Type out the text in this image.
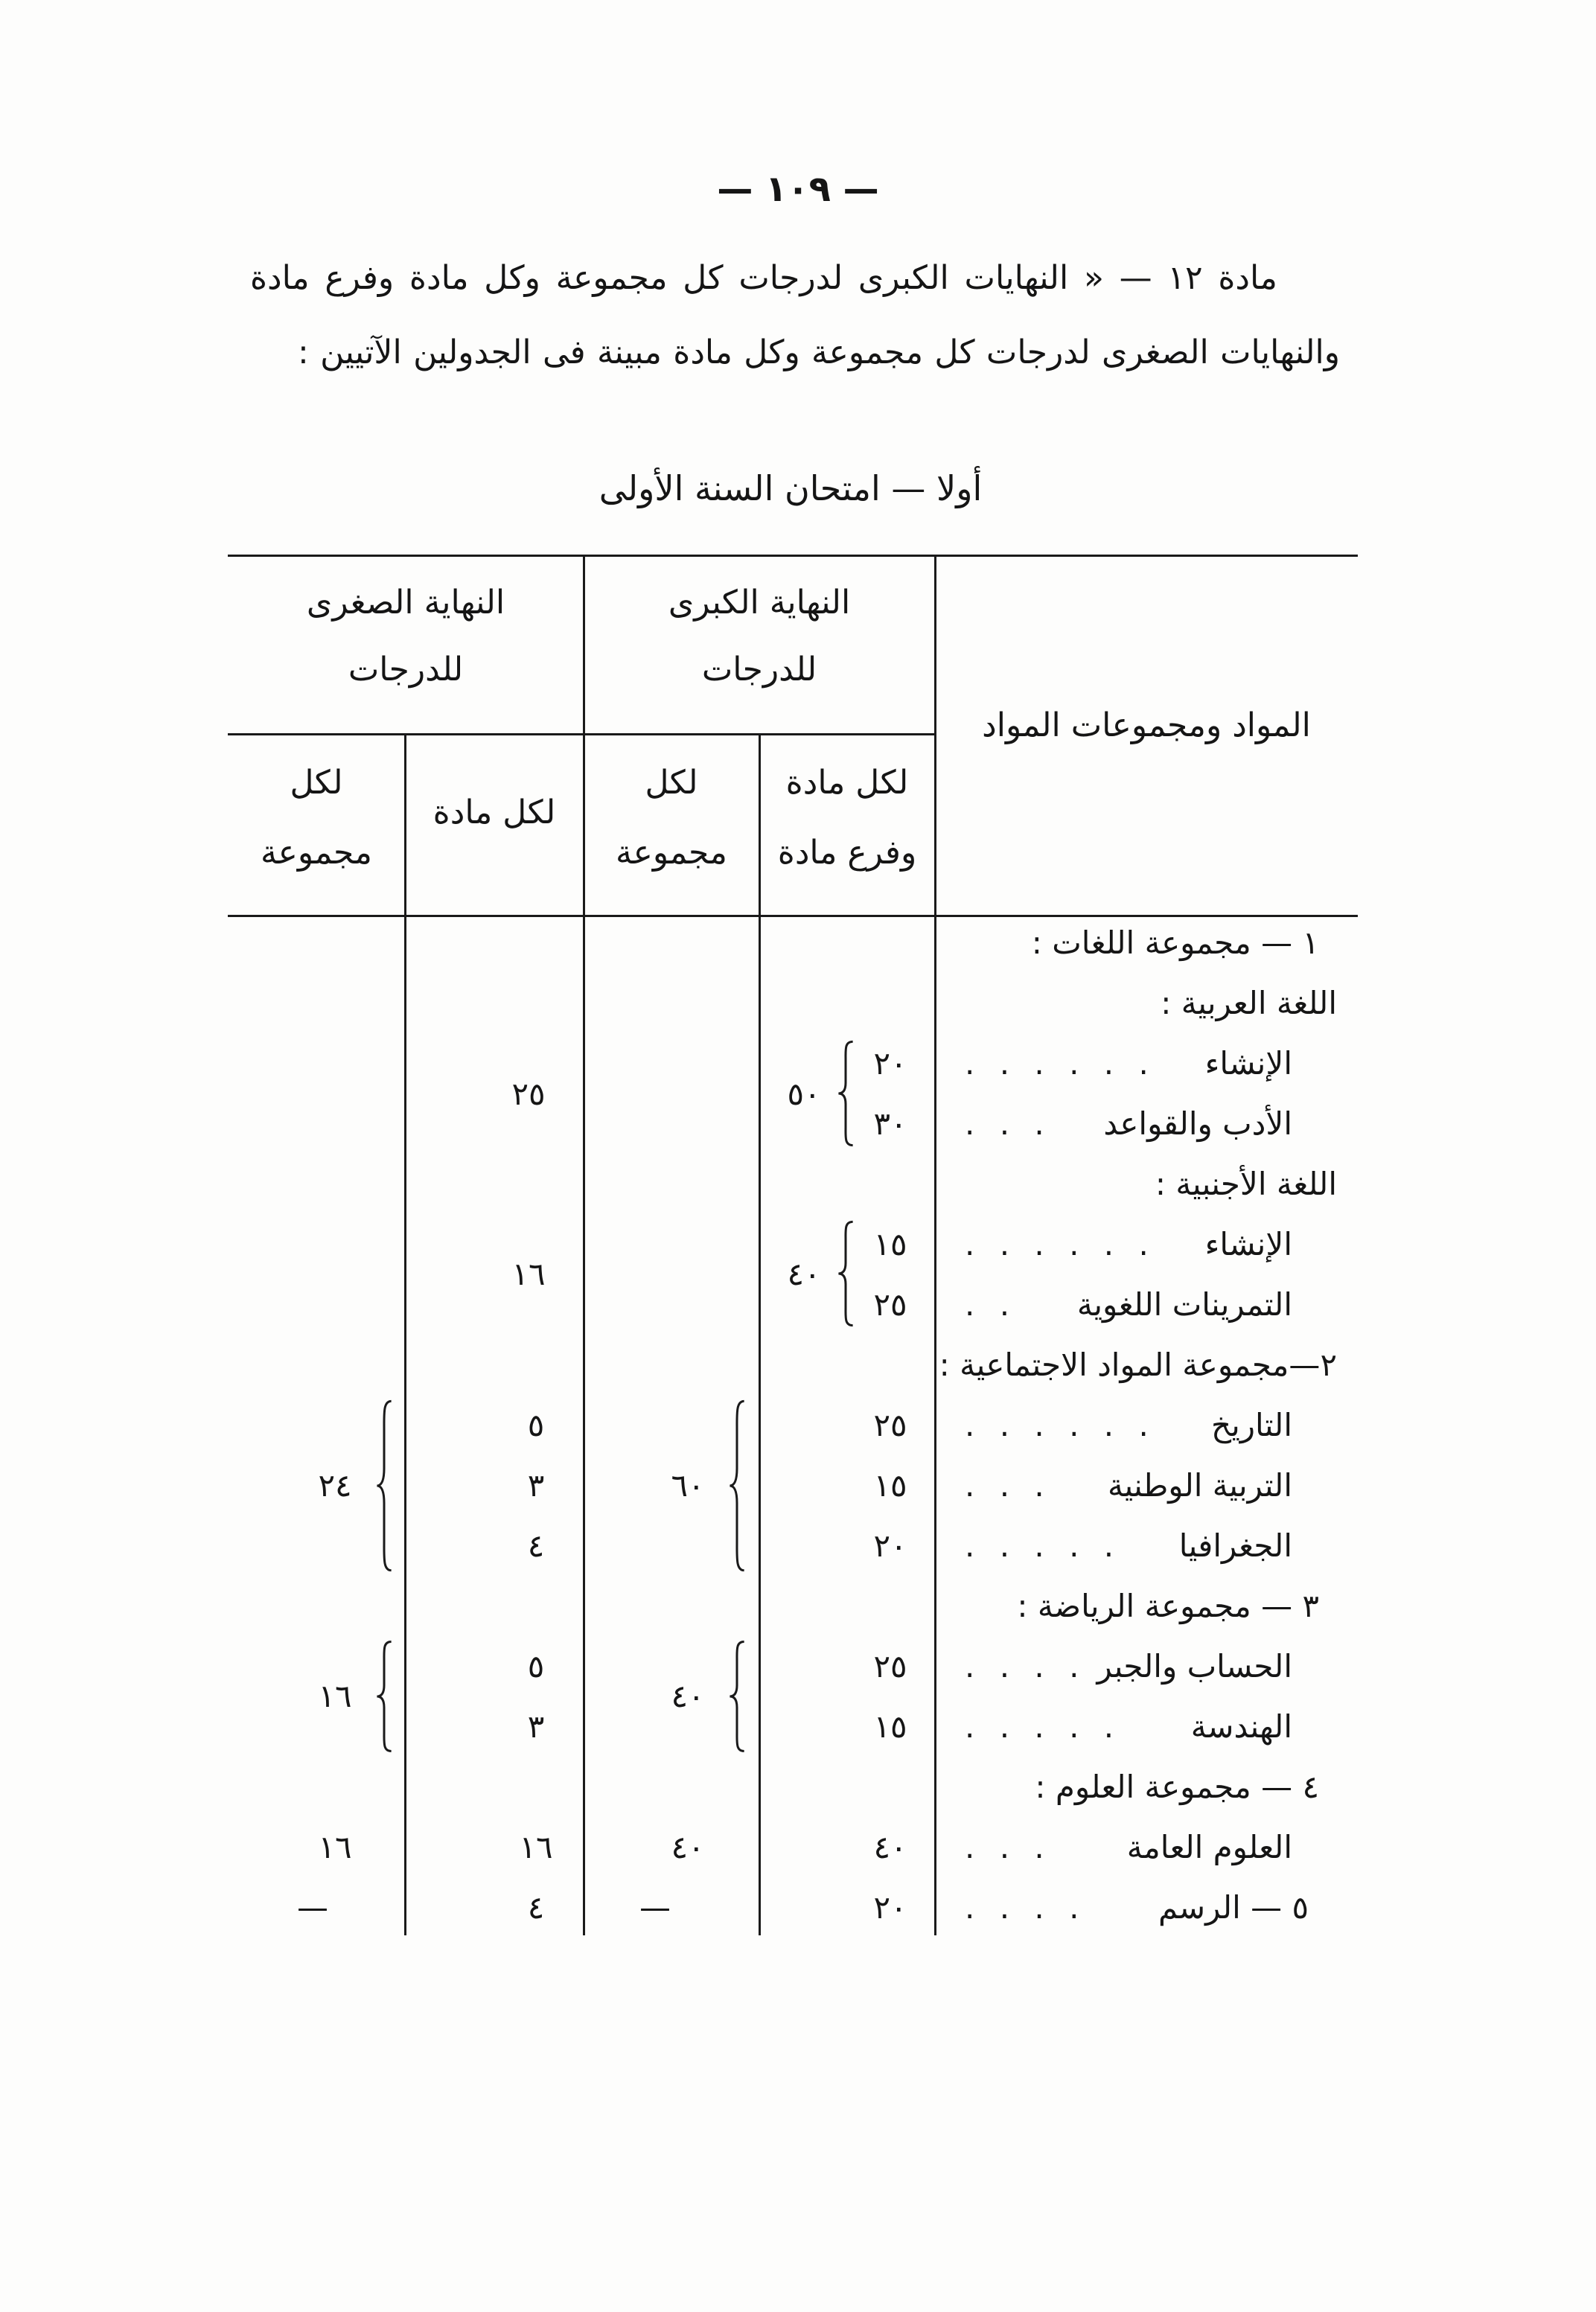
— ١٠٩ —
مادة ١٢ — « النهايات الكبرى لدرجات كل مجموعة وكل مادة وفرع مادة
والنهايات الصغرى لدرجات كل مجموعة وكل مادة مبينة فى الجدولين الآتيين :
أولا — امتحان السنة الأولى
المواد ومجموعات المواد
النهاية الكبرى
للدرجات
النهاية الصغرى
للدرجات
لكل مادة
وفرع مادة
لكل
مجموعة
لكل مادة
لكل
مجموعة
١ — مجموعة اللغات :
اللغة العربية :
الإنشاء
. . . . . .
٢٠
الأدب والقواعد
. . .
٣٠
اللغة الأجنبية :
الإنشاء
. . . . . .
١٥
التمرينات اللغوية
. .
٢٥
٢—مجموعة المواد الاجتماعية :
التاريخ
. . . . . .
٢٥
٥
التربية الوطنية
. . .
١٥
٣
الجغرافيا
. . . . .
٢٠
٤
٣ — مجموعة الرياضة :
الحساب والجبر
. . . .
٢٥
٥
الهندسة
. . . . .
١٥
٣
٤ — مجموعة العلوم :
العلوم العامة
. . .
٤٠
٤٠
١٦
١٦
٥ — الرسم
. . . .
٢٠
—
٤
—
٥٠
٢٥
٤٠
١٦
٦٠
٢٤
٤٠
١٦
